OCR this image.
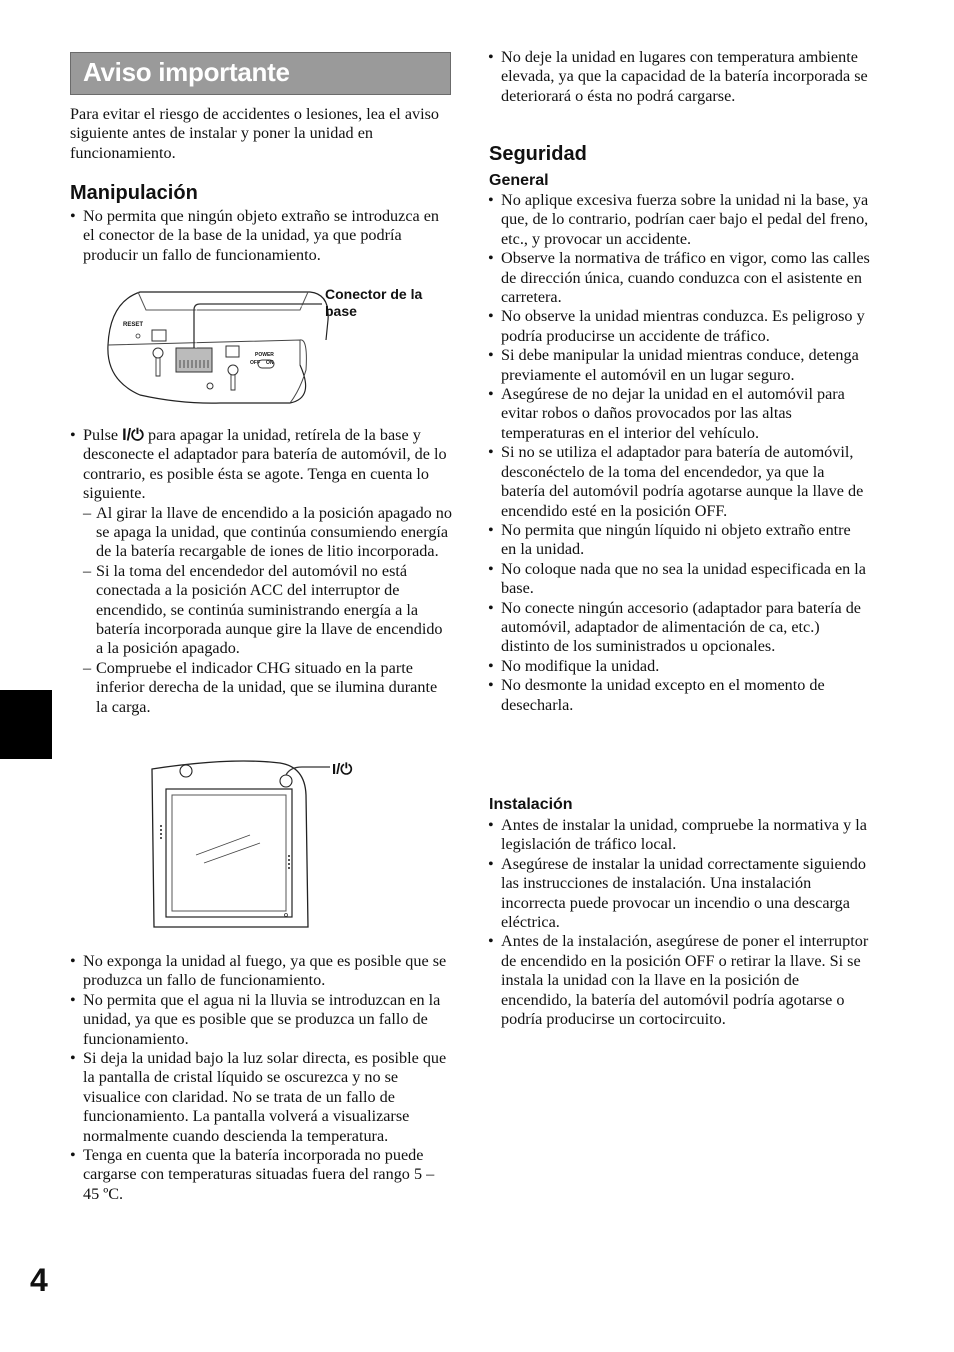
Aviso importante

Para evitar el riesgo de accidentes o lesiones, lea el aviso siguiente antes de instalar y poner la unidad en funcionamiento.

Manipulación
• No permita que ningún objeto extraño se introduzca en el conector de la base de la unidad, ya que podría producir un fallo de funcionamiento.
RESET
POWER
OFF ON
Conector de la base
• Pulse I/⏻ para apagar la unidad, retírela de la base y desconecte el adaptador para batería de automóvil, de lo contrario, es posible ésta se agote. Tenga en cuenta lo siguiente.
– Al girar la llave de encendido a la posición apagado no se apaga la unidad, que continúa consumiendo energía de la batería recargable de iones de litio incorporada.
– Si la toma del encendedor del automóvil no está conectada a la posición ACC del interruptor de encendido, se continúa suministrando energía a la batería incorporada aunque gire la llave de encendido a la posición apagado.
– Compruebe el indicador CHG situado en la parte inferior derecha de la unidad, que se ilumina durante la carga.
I/⏻
• No exponga la unidad al fuego, ya que es posible que se produzca un fallo de funcionamiento.
• No permita que el agua ni la lluvia se introduzcan en la unidad, ya que es posible que se produzca un fallo de funcionamiento.
• Si deja la unidad bajo la luz solar directa, es posible que la pantalla de cristal líquido se oscurezca y no se visualice con claridad. No se trata de un fallo de funcionamiento. La pantalla volverá a visualizarse normalmente cuando descienda la temperatura.
• Tenga en cuenta que la batería incorporada no puede cargarse con temperaturas situadas fuera del rango 5 – 45 ºC.
• No deje la unidad en lugares con temperatura ambiente elevada, ya que la capacidad de la batería incorporada se deteriorará o ésta no podrá cargarse.
Seguridad
General
• No aplique excesiva fuerza sobre la unidad ni la base, ya que, de lo contrario, podrían caer bajo el pedal del freno, etc., y provocar un accidente.
• Observe la normativa de tráfico en vigor, como las calles de dirección única, cuando conduzca con el asistente en carretera.
• No observe la unidad mientras conduzca. Es peligroso y podría producirse un accidente de tráfico.
• Si debe manipular la unidad mientras conduce, detenga previamente el automóvil en un lugar seguro.
• Asegúrese de no dejar la unidad en el automóvil para evitar robos o daños provocados por las altas temperaturas en el interior del vehículo.
• Si no se utiliza el adaptador para batería de automóvil, desconéctelo de la toma del encendedor, ya que la batería del automóvil podría agotarse aunque la llave de encendido esté en la posición OFF.
• No permita que ningún líquido ni objeto extraño entre en la unidad.
• No coloque nada que no sea la unidad especificada en la base.
• No conecte ningún accesorio (adaptador para batería de automóvil, adaptador de alimentación de ca, etc.) distinto de los suministrados u opcionales.
• No modifique la unidad.
• No desmonte la unidad excepto en el momento de desecharla.
Instalación
• Antes de instalar la unidad, compruebe la normativa y la legislación de tráfico local.
• Asegúrese de instalar la unidad correctamente siguiendo las instrucciones de instalación. Una instalación incorrecta puede provocar un incendio o una descarga eléctrica.
• Antes de la instalación, asegúrese de poner el interruptor de encendido en la posición OFF o retirar la llave. Si se instala la unidad con la llave en la posición de encendido, la batería del automóvil podría agotarse o podría producirse un cortocircuito.
4
